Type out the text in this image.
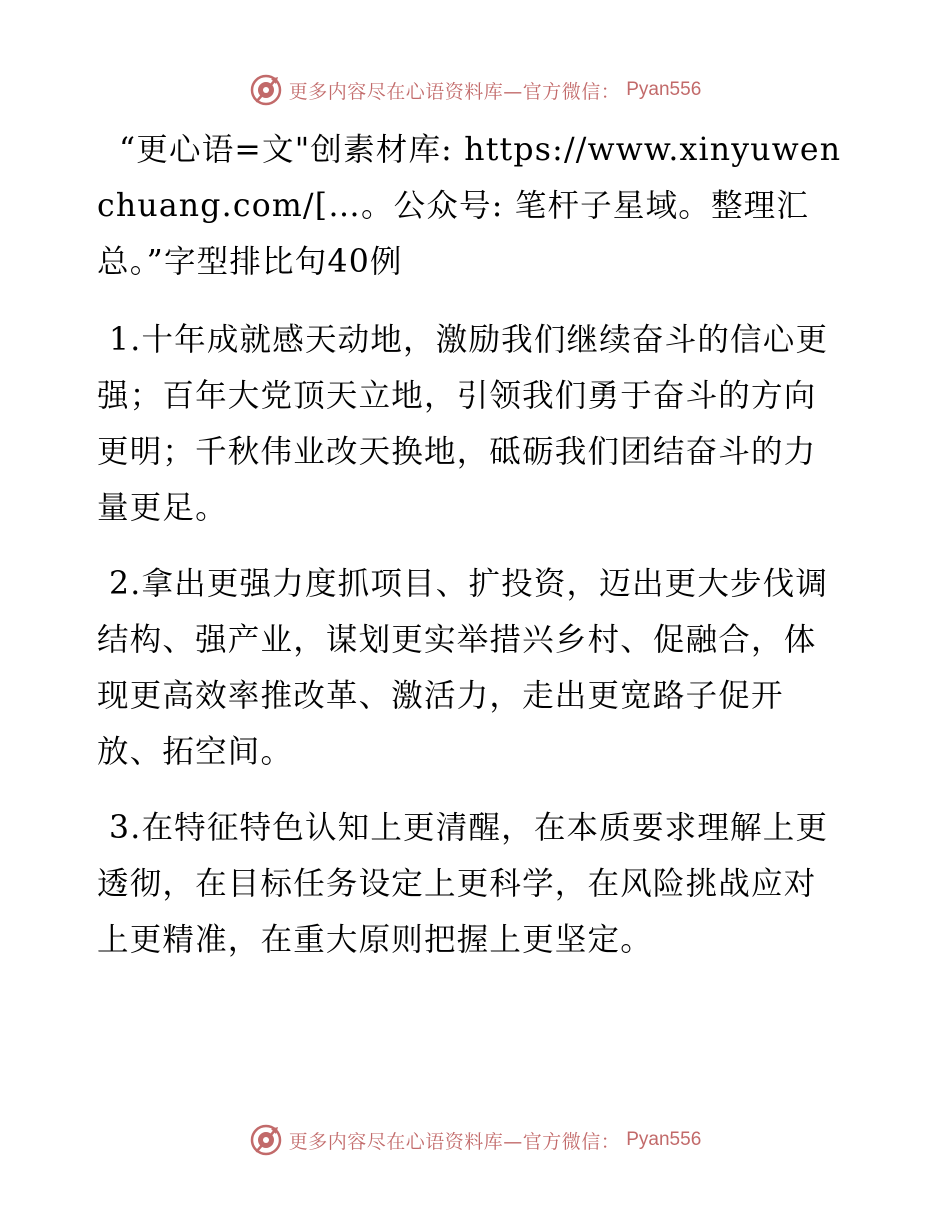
更多内容尽在心语资料库—官方微信： Pyan556

“更心语=文"创素材库: https://www.xinyuwenchuang.com/[…。公众号: 笔杆子星域。整理汇总。”字型排比句40例

1.十年成就感天动地，激励我们继续奋斗的信心更强；百年大党顶天立地，引领我们勇于奋斗的方向更明；千秋伟业改天换地，砥砺我们团结奋斗的力量更足。

2.拿出更强力度抓项目、扩投资，迈出更大步伐调结构、强产业，谋划更实举措兴乡村、促融合，体现更高效率推改革、激活力，走出更宽路子促开放、拓空间。

3.在特征特色认知上更清醒，在本质要求理解上更透彻，在目标任务设定上更科学，在风险挑战应对上更精准，在重大原则把握上更坚定。

更多内容尽在心语资料库—官方微信： Pyan556
